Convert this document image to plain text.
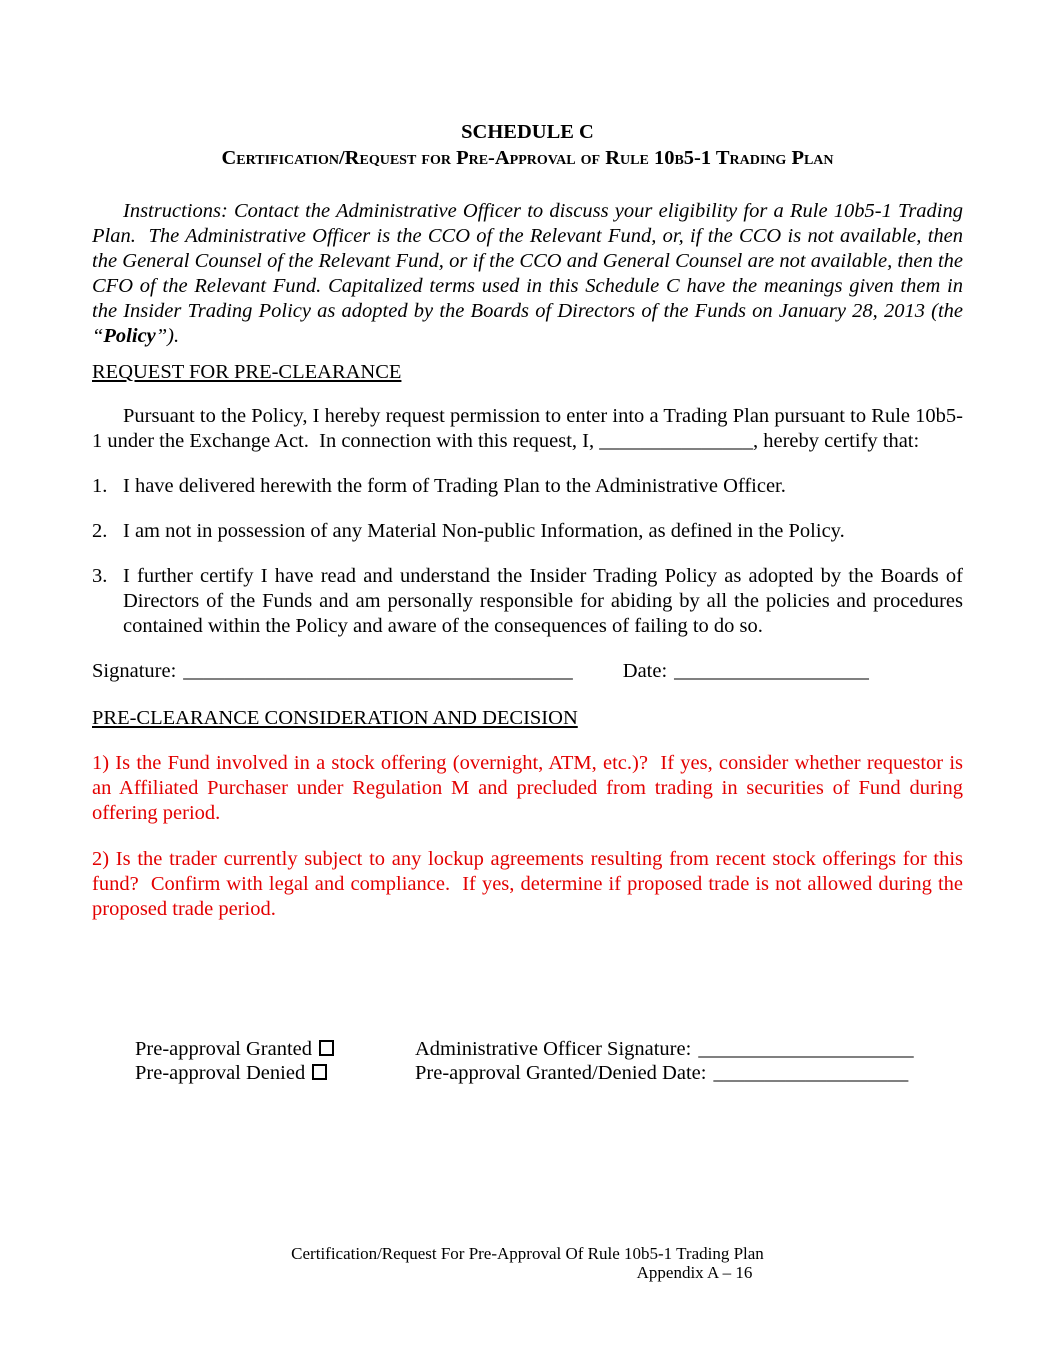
SCHEDULE C
Certification/Request for Pre-Approval of Rule 10b5-1 Trading Plan

Instructions: Contact the Administrative Officer to discuss your eligibility for a Rule 10b5-1 Trading Plan.  The Administrative Officer is the CCO of the Relevant Fund, or, if the CCO is not available, then the General Counsel of the Relevant Fund, or if the CCO and General Counsel are not available, then the CFO of the Relevant Fund. Capitalized terms used in this Schedule C have the meanings given them in the Insider Trading Policy as adopted by the Boards of Directors of the Funds on January 28, 2013 (the “Policy”).

REQUEST FOR PRE-CLEARANCE

Pursuant to the Policy, I hereby request permission to enter into a Trading Plan pursuant to Rule 10b5-1 under the Exchange Act.  In connection with this request, I, _______________, hereby certify that:

1. I have delivered herewith the form of Trading Plan to the Administrative Officer.
2. I am not in possession of any Material Non-public Information, as defined in the Policy.
3. I further certify I have read and understand the Insider Trading Policy as adopted by the Boards of Directors of the Funds and am personally responsible for abiding by all the policies and procedures contained within the Policy and aware of the consequences of failing to do so.
Signature: ______________________________________ Date: ___________________
PRE-CLEARANCE CONSIDERATION AND DECISION

1) Is the Fund involved in a stock offering (overnight, ATM, etc.)?  If yes, consider whether requestor is an Affiliated Purchaser under Regulation M and precluded from trading in securities of Fund during offering period.

2) Is the trader currently subject to any lockup agreements resulting from recent stock offerings for this fund?  Confirm with legal and compliance.  If yes, determine if proposed trade is not allowed during the proposed trade period.

Pre-approval Granted	Administrative Officer Signature: _____________________
Pre-approval Denied	Pre-approval Granted/Denied Date: ___________________
Certification/Request For Pre-Approval Of Rule 10b5-1 Trading Plan
Appendix A – 16
